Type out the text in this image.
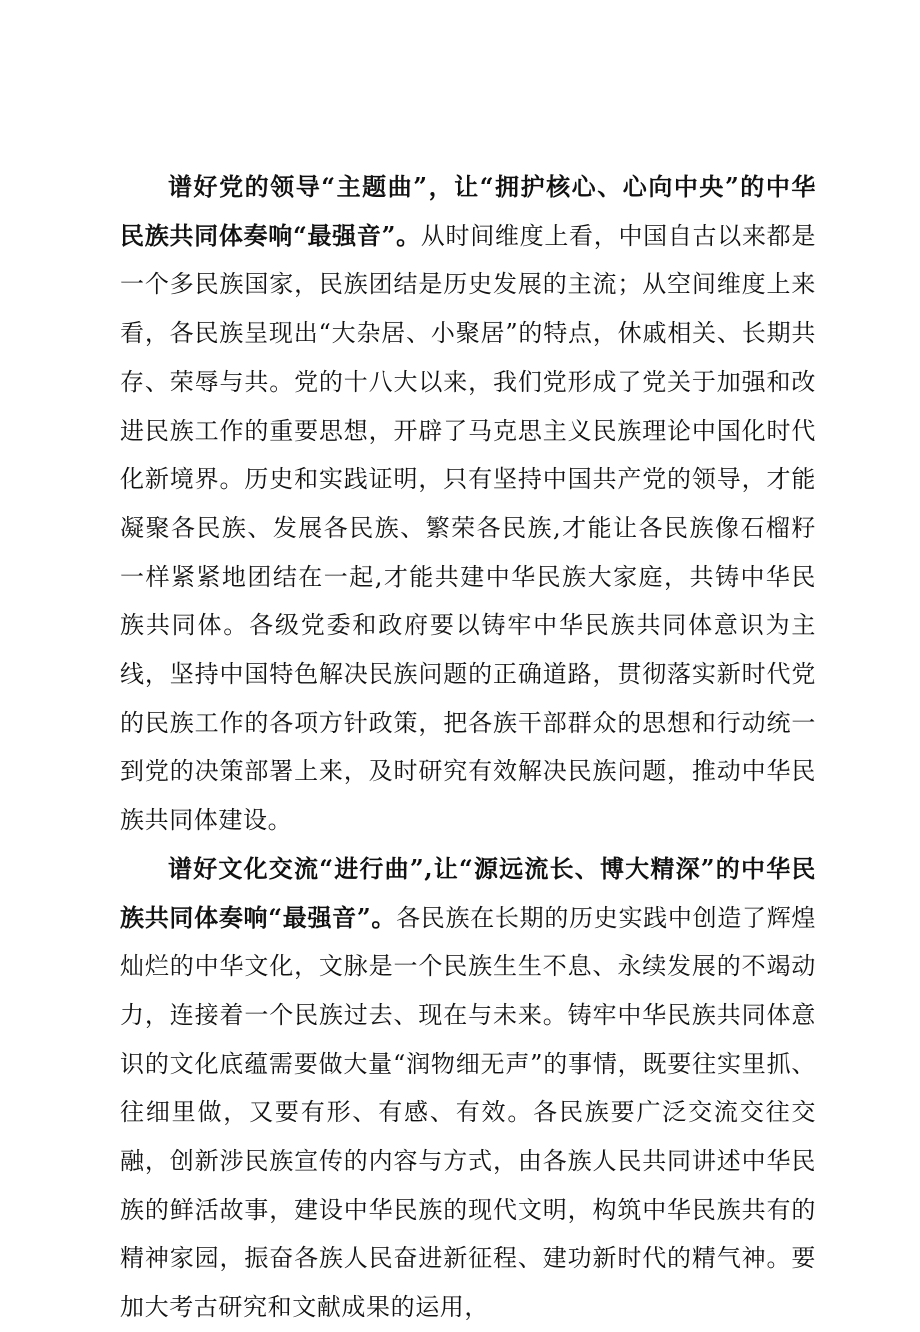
谱好党的领导“主题曲”，让“拥护核心、心向中央”的中华民族共同体奏响“最强音”。从时间维度上看，中国自古以来都是一个多民族国家，民族团结是历史发展的主流；从空间维度上来看，各民族呈现出“大杂居、小聚居”的特点，休戚相关、长期共存、荣辱与共。党的十八大以来，我们党形成了党关于加强和改进民族工作的重要思想，开辟了马克思主义民族理论中国化时代化新境界。历史和实践证明，只有坚持中国共产党的领导，才能凝聚各民族、发展各民族、繁荣各民族,才能让各民族像石榴籽一样紧紧地团结在一起,才能共建中华民族大家庭，共铸中华民族共同体。各级党委和政府要以铸牢中华民族共同体意识为主线，坚持中国特色解决民族问题的正确道路，贯彻落实新时代党的民族工作的各项方针政策，把各族干部群众的思想和行动统一到党的决策部署上来，及时研究有效解决民族问题，推动中华民族共同体建设。

谱好文化交流“进行曲”,让“源远流长、博大精深”的中华民族共同体奏响“最强音”。各民族在长期的历史实践中创造了辉煌灿烂的中华文化，文脉是一个民族生生不息、永续发展的不竭动力，连接着一个民族过去、现在与未来。铸牢中华民族共同体意识的文化底蕴需要做大量“润物细无声”的事情，既要往实里抓、往细里做，又要有形、有感、有效。各民族要广泛交流交往交融，创新涉民族宣传的内容与方式，由各族人民共同讲述中华民族的鲜活故事，建设中华民族的现代文明，构筑中华民族共有的精神家园，振奋各族人民奋进新征程、建功新时代的精气神。要加大考古研究和文献成果的运用，
